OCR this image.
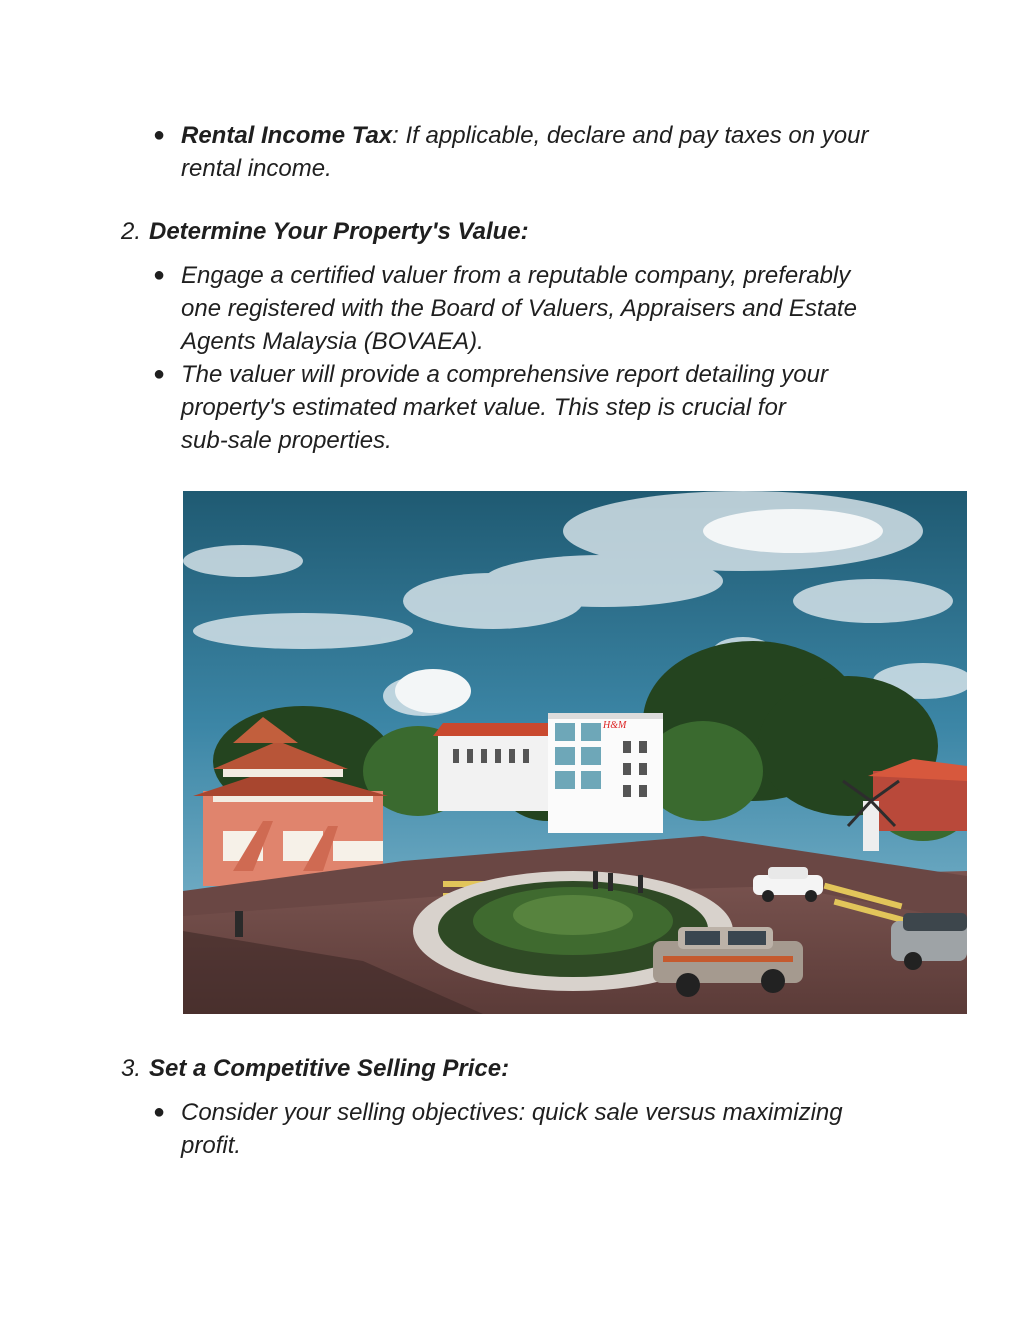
● Rental Income Tax: If applicable, declare and pay taxes on your
rental income.
2. Determine Your Property's Value:
● Engage a certified valuer from a reputable company, preferably
one registered with the Board of Valuers, Appraisers and Estate
Agents Malaysia (BOVAEA).
● The valuer will provide a comprehensive report detailing your
property's estimated market value. This step is crucial for
sub-sale properties.
H&M
3. Set a Competitive Selling Price:
● Consider your selling objectives: quick sale versus maximizing
profit.
